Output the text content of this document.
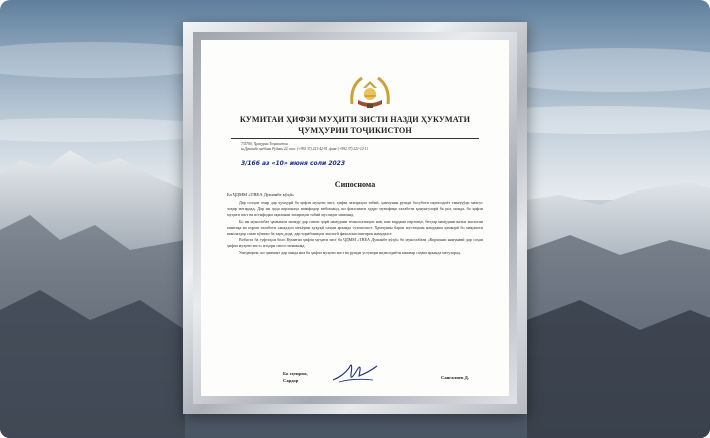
КУМИТАИ ҲИФЗИ МУҲИТИ ЗИСТИ НАЗДИ ҲУКУМАТИ
ҶУМҲУРИИ ТОҶИКИСТОН
735700, Ҷумҳурии Тоҷикистон
ш.Душанбе хиёбони Рудаки 22, тел: (+992 37) 221-42-91, факс (+992 37) 221-12-11
3/166 аз «10» июня соли 2023
Сипоснома
Ба ҶДММ «ТВЕА Душанбе кӯҳӣ»

Дар солҳои охир дар ҷумҳурӣ ба ҳифзи муҳити зист, ҳифзи захираҳои табиӣ, ҳамчунин рушди босуботи иқтисодиёт таваҷҷӯҳи махсус зоҳир мегардад. Дар ин ҷода корхонаҳо вазифадор мебошанд, ки фаъолияти худро мувофиқи талаботи қонунгузорӣ ба роҳ монда, ба ҳифзи муҳити зист ва истифодаи оқилонаи захираҳои табиӣ мусоидат намоянд.

Бо ин муносибат ҷамъияти мазкур дар самти ҷорӣ намудани технологияҳои нав, кам кардани партовҳо, беҳтар намудани вазъи экологии минтақа ва иҷрои талаботи санадҳои меъёрии ҳуқуқӣ саҳми арзанда гузоштааст. Ҳамчунин барои мустаҳкам намудани ҳамкорӣ бо мақомоти ваколатдор саъю кӯшиш ба харҷ дода, дар чорабиниҳои экологӣ фаъолона иштирок намудааст.

Вобаста ба гуфтаҳои боло Кумитаи ҳифзи муҳити зист ба ҶДММ «ТВЕА Душанбе кӯҳӣ» бо муносибати «Корхонаи намунавӣ дар соҳаи ҳифзи муҳити зист» изҳори сипос менамояд.

Умедворем, ки ҷамъият дар оянда низ ба ҳифзи муҳити зист ва рушди устувори иқтисодиёти кишвар саҳми арзанда мегузорад.

Бо эҳтиром,
Сардор
Сангалиев Д.
